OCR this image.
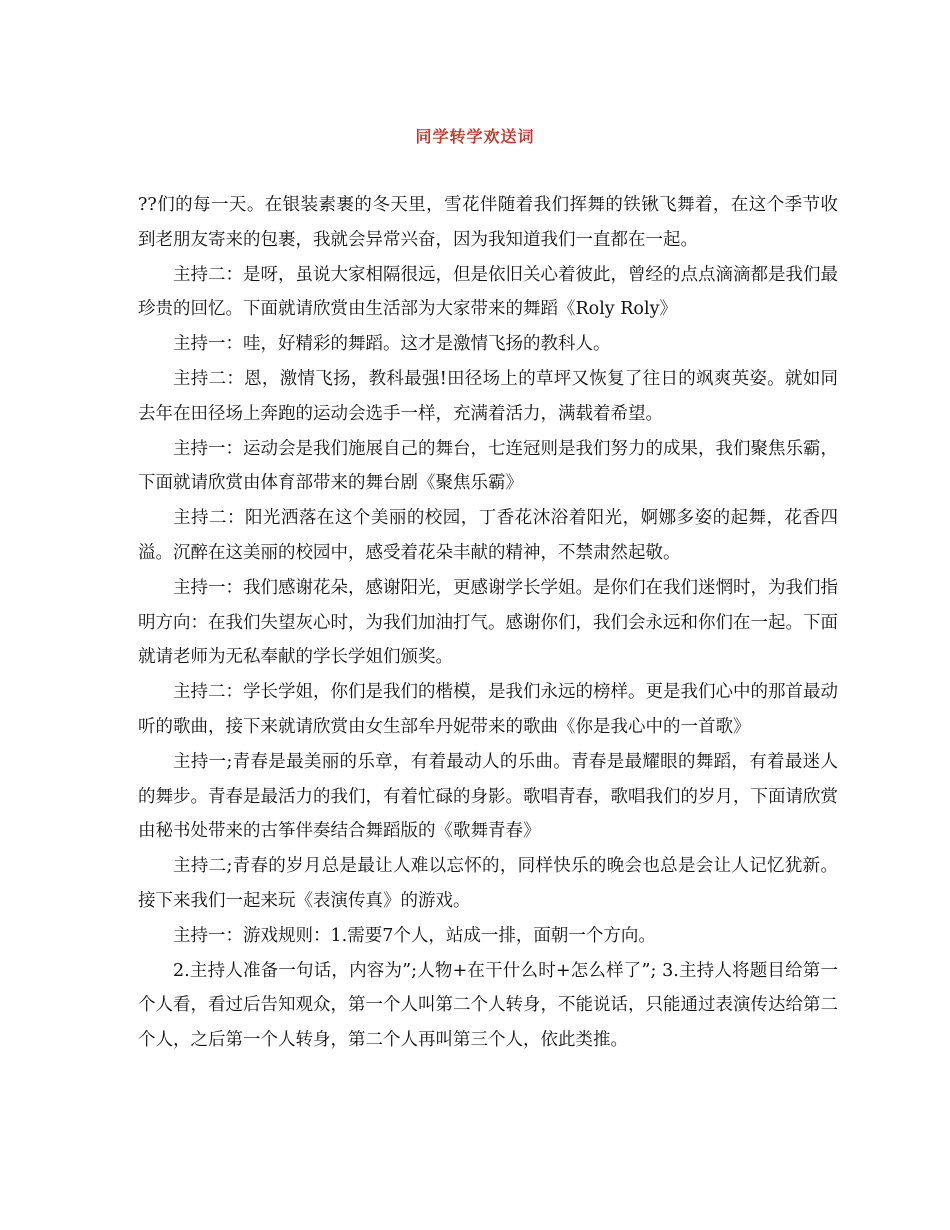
同学转学欢送词

??们的每一天。在银装素裹的冬天里，雪花伴随着我们挥舞的铁锹飞舞着，在这个季节收到老朋友寄来的包裹，我就会异常兴奋，因为我知道我们一直都在一起。

主持二：是呀，虽说大家相隔很远，但是依旧关心着彼此，曾经的点点滴滴都是我们最珍贵的回忆。下面就请欣赏由生活部为大家带来的舞蹈《Roly Roly》

主持一：哇，好精彩的舞蹈。这才是激情飞扬的教科人。

主持二：恩，激情飞扬，教科最强!田径场上的草坪又恢复了往日的飒爽英姿。就如同去年在田径场上奔跑的运动会选手一样，充满着活力，满载着希望。

主持一：运动会是我们施展自己的舞台，七连冠则是我们努力的成果，我们聚焦乐霸，下面就请欣赏由体育部带来的舞台剧《聚焦乐霸》

主持二：阳光洒落在这个美丽的校园，丁香花沐浴着阳光，婀娜多姿的起舞，花香四溢。沉醉在这美丽的校园中，感受着花朵丰献的精神，不禁肃然起敬。

主持一：我们感谢花朵，感谢阳光，更感谢学长学姐。是你们在我们迷惘时，为我们指明方向：在我们失望灰心时，为我们加油打气。感谢你们，我们会永远和你们在一起。下面就请老师为无私奉献的学长学姐们颁奖。

主持二：学长学姐，你们是我们的楷模，是我们永远的榜样。更是我们心中的那首最动听的歌曲，接下来就请欣赏由女生部牟丹妮带来的歌曲《你是我心中的一首歌》

主持一;青春是最美丽的乐章，有着最动人的乐曲。青春是最耀眼的舞蹈，有着最迷人的舞步。青春是最活力的我们，有着忙碌的身影。歌唱青春，歌唱我们的岁月，下面请欣赏由秘书处带来的古筝伴奏结合舞蹈版的《歌舞青春》

主持二;青春的岁月总是最让人难以忘怀的，同样快乐的晚会也总是会让人记忆犹新。接下来我们一起来玩《表演传真》的游戏。

主持一：游戏规则：1.需要7个人，站成一排，面朝一个方向。

2.主持人准备一句话，内容为”;人物+在干什么时+怎么样了”; 3.主持人将题目给第一个人看，看过后告知观众，第一个人叫第二个人转身，不能说话，只能通过表演传达给第二个人，之后第一个人转身，第二个人再叫第三个人，依此类推。
